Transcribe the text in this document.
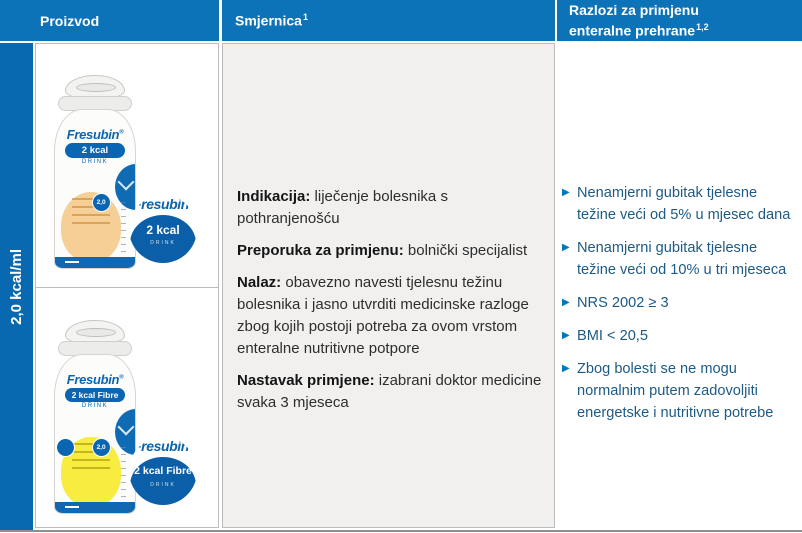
Proizvod	Smjernica$^1$	Razlozi za primjenu
enteralne prehrane$^{1,2}$
2,0 kcal/ml
Fresubin®
2 kcal
DRINK
2,0 Fresubin®
2 kcal
DRINK
Fresubin®
2 kcal Fibre
DRINK
2,0 Fresubin®
2 kcal Fibre
DRINK

Indikacija: liječenje bolesnika s pothranjenošću

Preporuka za primjenu: bolnički specijalist

Nalaz: obavezno navesti tjelesnu težinu bolesnika i jasno utvrditi medicinske razloge zbog kojih postoji potreba za ovom vrstom enteralne nutritivne potpore

Nastavak primjene: izabrani doktor medicine svaka 3 mjeseca

▶ Nenamjerni gubitak tjelesne težine veći od 5% u mjesec dana
▶ Nenamjerni gubitak tjelesne težine veći od 10% u tri mjeseca
▶ NRS 2002 ≥ 3
▶ BMI < 20,5
▶ Zbog bolesti se ne mogu normalnim putem zadovoljiti energetske i nutritivne potrebe
